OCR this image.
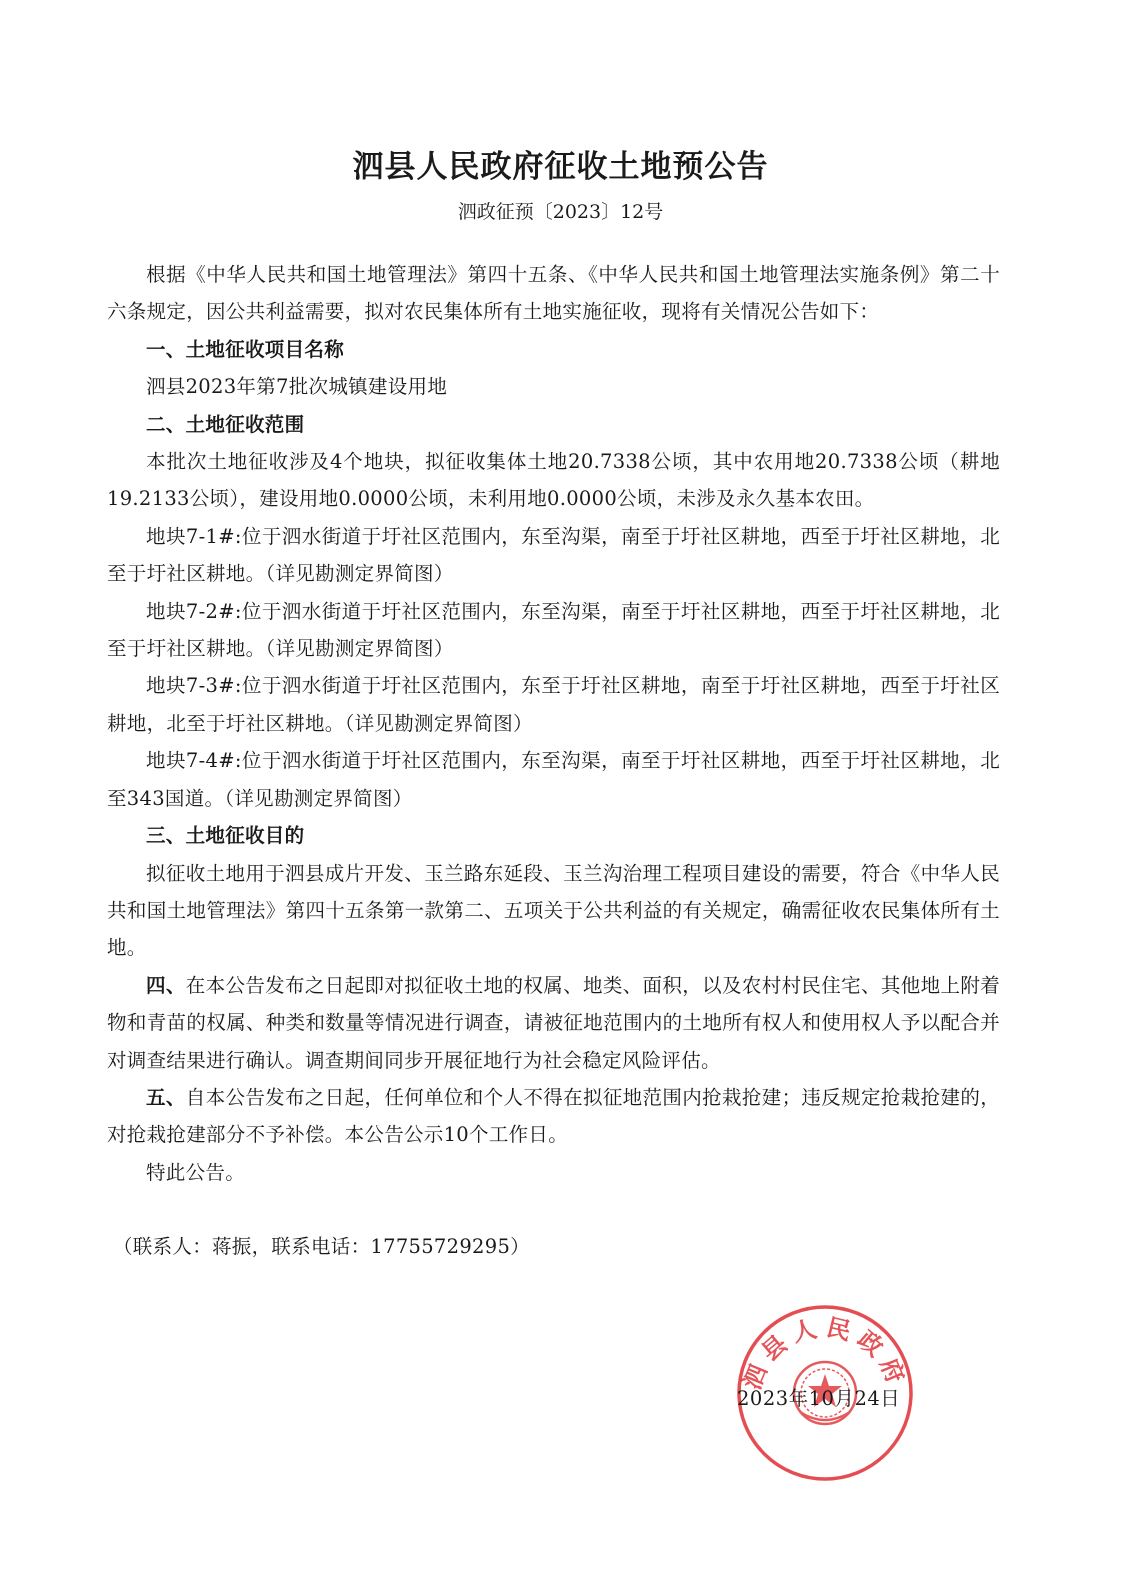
泗县人民政府征收土地预公告
泗政征预〔2023〕12号

根据《中华人民共和国土地管理法》第四十五条、《中华人民共和国土地管理法实施条例》第二十六条规定，因公共利益需要，拟对农民集体所有土地实施征收，现将有关情况公告如下：

一、土地征收项目名称

泗县2023年第7批次城镇建设用地

二、土地征收范围

本批次土地征收涉及4个地块，拟征收集体土地20.7338公顷，其中农用地20.7338公顷（耕地19.2133公顷），建设用地0.0000公顷，未利用地0.0000公顷，未涉及永久基本农田。

地块7-1#:位于泗水街道于圩社区范围内，东至沟渠，南至于圩社区耕地，西至于圩社区耕地，北至于圩社区耕地。（详见勘测定界简图）

地块7-2#:位于泗水街道于圩社区范围内，东至沟渠，南至于圩社区耕地，西至于圩社区耕地，北至于圩社区耕地。（详见勘测定界简图）

地块7-3#:位于泗水街道于圩社区范围内，东至于圩社区耕地，南至于圩社区耕地，西至于圩社区耕地，北至于圩社区耕地。（详见勘测定界简图）

地块7-4#:位于泗水街道于圩社区范围内，东至沟渠，南至于圩社区耕地，西至于圩社区耕地，北至343国道。（详见勘测定界简图）

三、土地征收目的

拟征收土地用于泗县成片开发、玉兰路东延段、玉兰沟治理工程项目建设的需要，符合《中华人民共和国土地管理法》第四十五条第一款第二、五项关于公共利益的有关规定，确需征收农民集体所有土地。

四、在本公告发布之日起即对拟征收土地的权属、地类、面积，以及农村村民住宅、其他地上附着物和青苗的权属、种类和数量等情况进行调查，请被征地范围内的土地所有权人和使用权人予以配合并对调查结果进行确认。调查期间同步开展征地行为社会稳定风险评估。

五、自本公告发布之日起，任何单位和个人不得在拟征地范围内抢栽抢建；违反规定抢栽抢建的，对抢栽抢建部分不予补偿。本公告公示10个工作日。

特此公告。

（联系人：蒋振，联系电话：17755729295）
泗县人民政府
2023年10月24日
